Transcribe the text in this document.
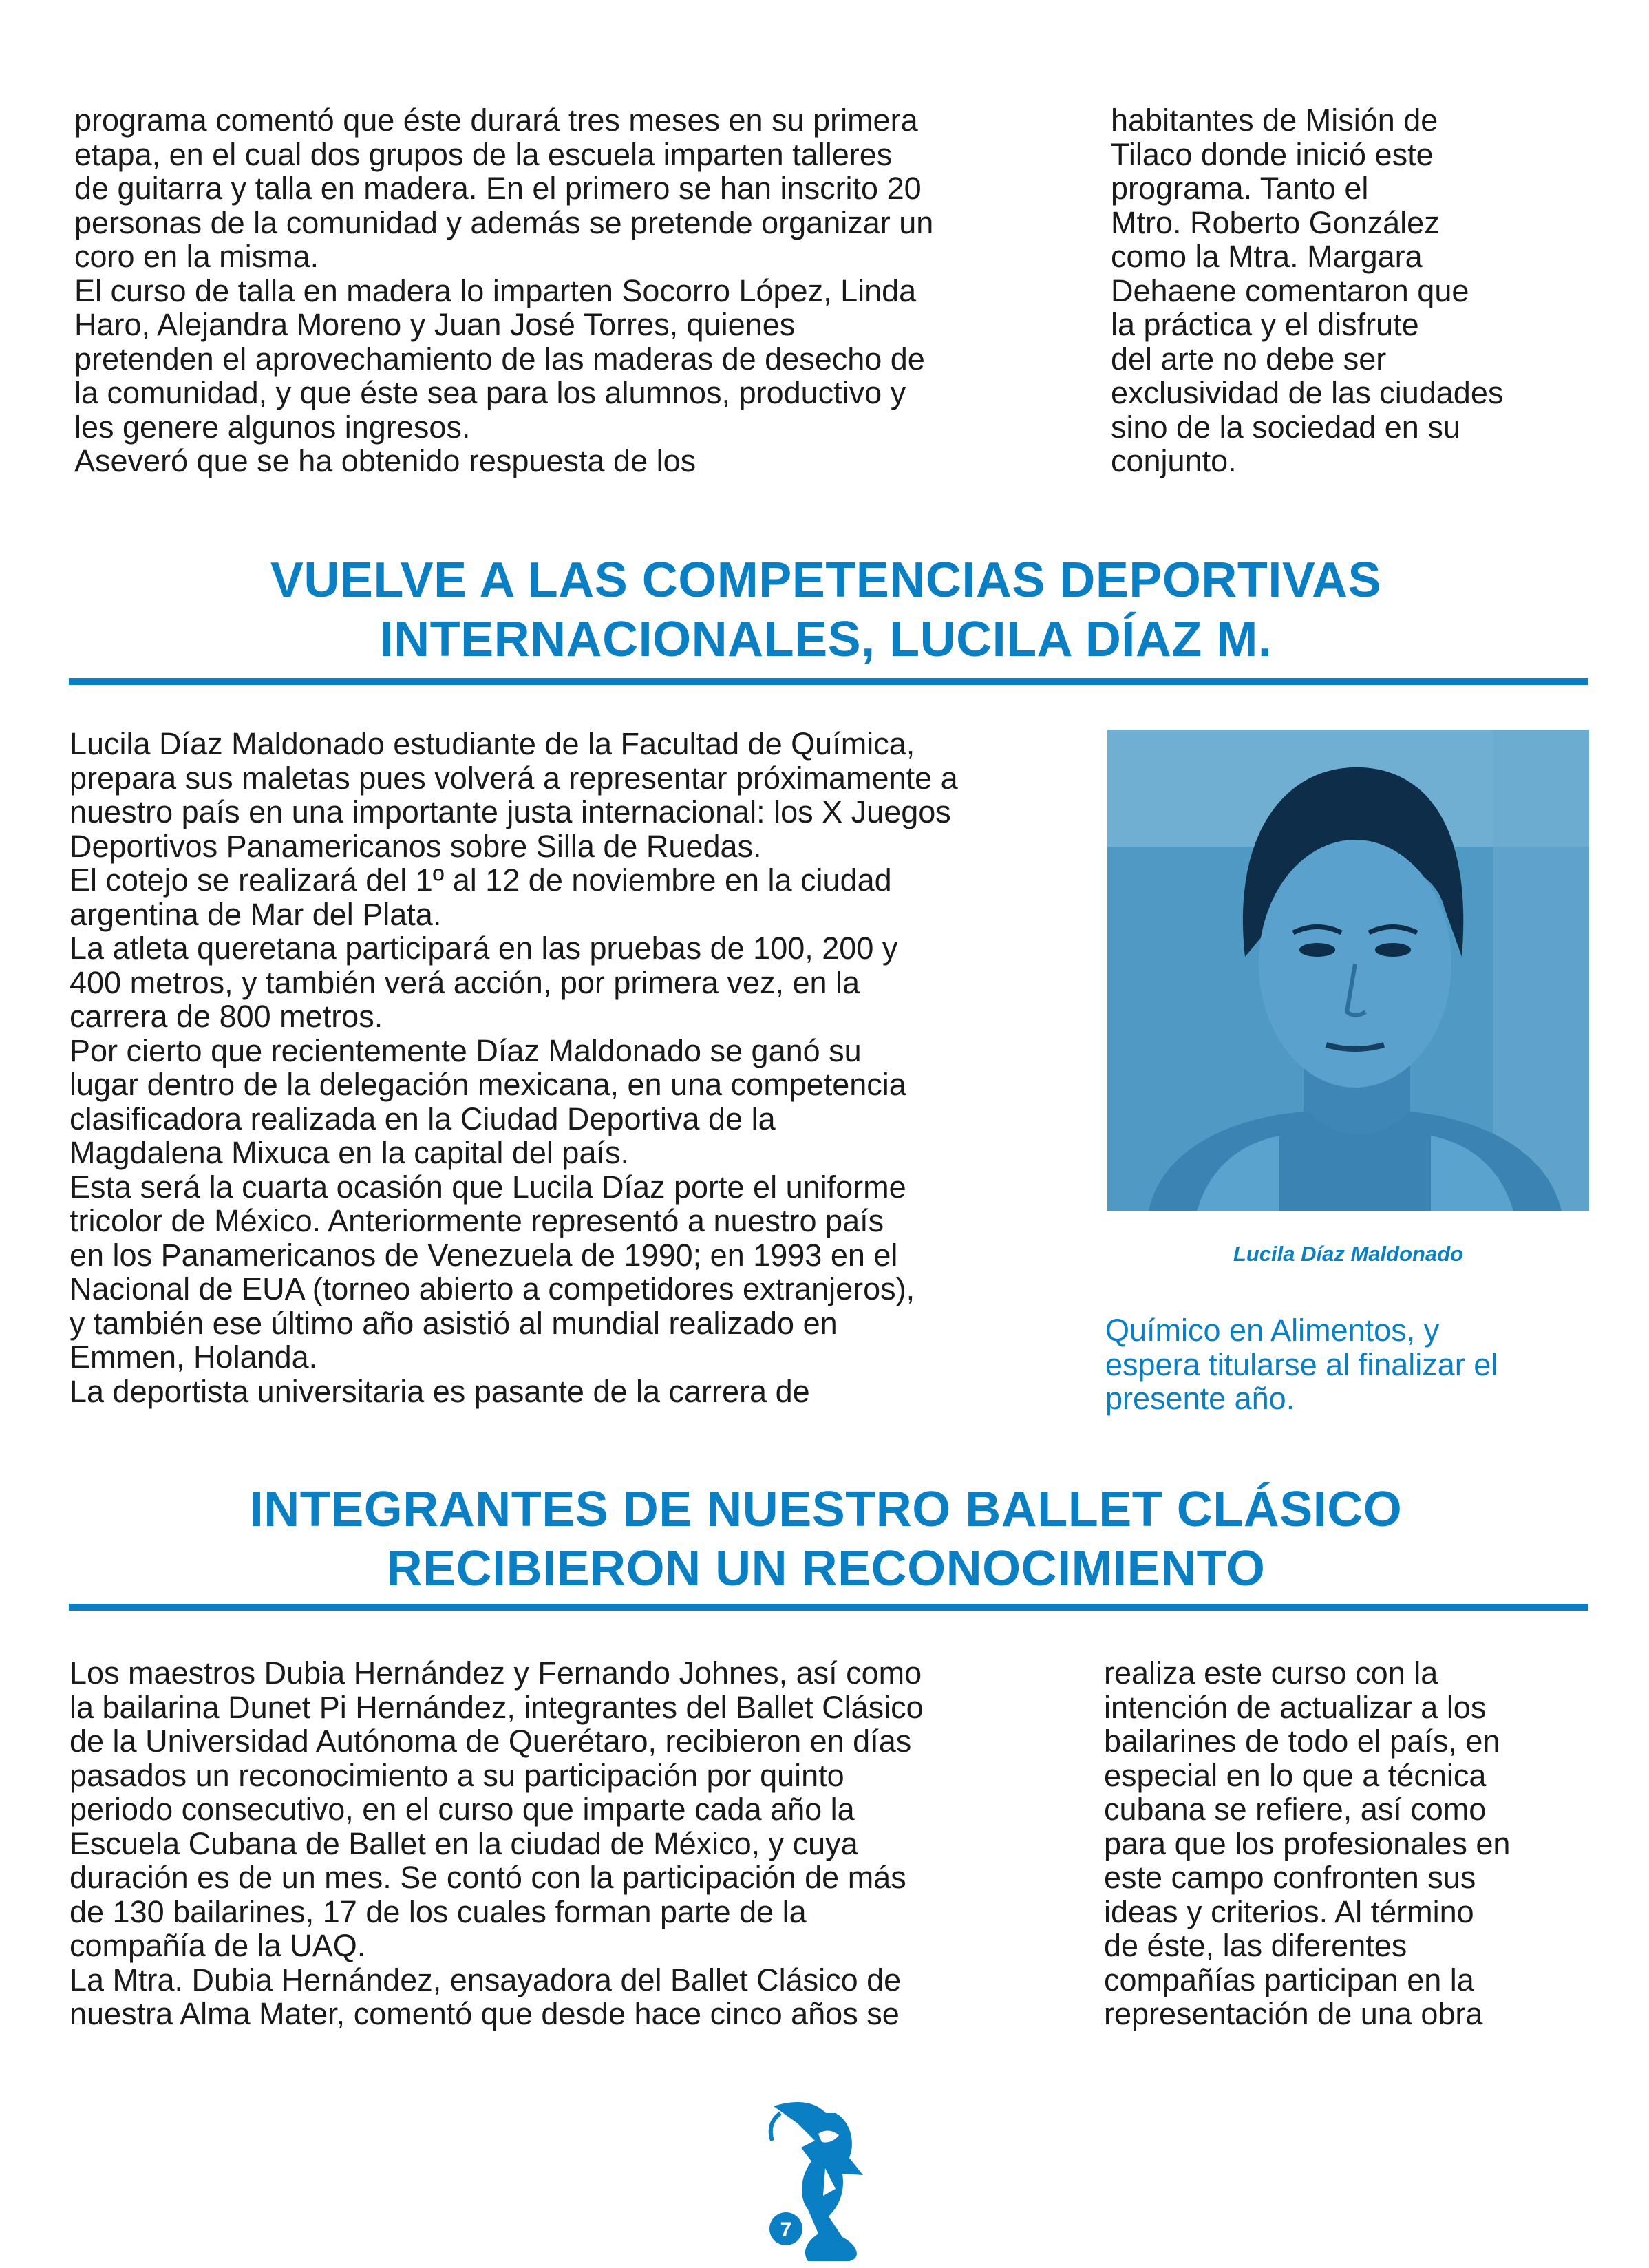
programa comentó que éste durará tres meses en su primera
etapa, en el cual dos grupos de la escuela imparten talleres
de guitarra y talla en madera. En el primero se han inscrito 20
personas de la comunidad y además se pretende organizar un
coro en la misma.
El curso de talla en madera lo imparten Socorro López, Linda
Haro, Alejandra Moreno y Juan José Torres, quienes
pretenden el aprovechamiento de las maderas de desecho de
la comunidad, y que éste sea para los alumnos, productivo y
les genere algunos ingresos.
Aseveró que se ha obtenido respuesta de los
habitantes de Misión de
Tilaco donde inició este
programa. Tanto el
Mtro. Roberto González
como la Mtra. Margara
Dehaene comentaron que
la práctica y el disfrute
del arte no debe ser
exclusividad de las ciudades
sino de la sociedad en su
conjunto.
VUELVE A LAS COMPETENCIAS DEPORTIVAS
INTERNACIONALES, LUCILA DÍAZ M.
Lucila Díaz Maldonado estudiante de la Facultad de Química,
prepara sus maletas pues volverá a representar próximamente a
nuestro país en una importante justa internacional: los X Juegos
Deportivos Panamericanos sobre Silla de Ruedas.
El cotejo se realizará del 1º al 12 de noviembre en la ciudad
argentina de Mar del Plata.
La atleta queretana participará en las pruebas de 100, 200 y
400 metros, y también verá acción, por primera vez, en la
carrera de 800 metros.
Por cierto que recientemente Díaz Maldonado se ganó su
lugar dentro de la delegación mexicana, en una competencia
clasificadora realizada en la Ciudad Deportiva de la
Magdalena Mixuca en la capital del país.
Esta será la cuarta ocasión que Lucila Díaz porte el uniforme
tricolor de México. Anteriormente representó a nuestro país
en los Panamericanos de Venezuela de 1990; en 1993 en el
Nacional de EUA (torneo abierto a competidores extranjeros),
y también ese último año asistió al mundial realizado en
Emmen, Holanda.
La deportista universitaria es pasante de la carrera de
Lucila Díaz Maldonado
Químico en Alimentos, y
espera titularse al finalizar el
presente año.
INTEGRANTES DE NUESTRO BALLET CLÁSICO
RECIBIERON UN RECONOCIMIENTO
Los maestros Dubia Hernández y Fernando Johnes, así como
la bailarina Dunet Pi Hernández, integrantes del Ballet Clásico
de la Universidad Autónoma de Querétaro, recibieron en días
pasados un reconocimiento a su participación por quinto
periodo consecutivo, en el curso que imparte cada año la
Escuela Cubana de Ballet en la ciudad de México, y cuya
duración es de un mes. Se contó con la participación de más
de 130 bailarines, 17 de los cuales forman parte de la
compañía de la UAQ.
La Mtra. Dubia Hernández, ensayadora del Ballet Clásico de
nuestra Alma Mater, comentó que desde hace cinco años se
realiza este curso con la
intención de actualizar a los
bailarines de todo el país, en
especial en lo que a técnica
cubana se refiere, así como
para que los profesionales en
este campo confronten sus
ideas y criterios. Al término
de éste, las diferentes
compañías participan en la
representación de una obra
7
